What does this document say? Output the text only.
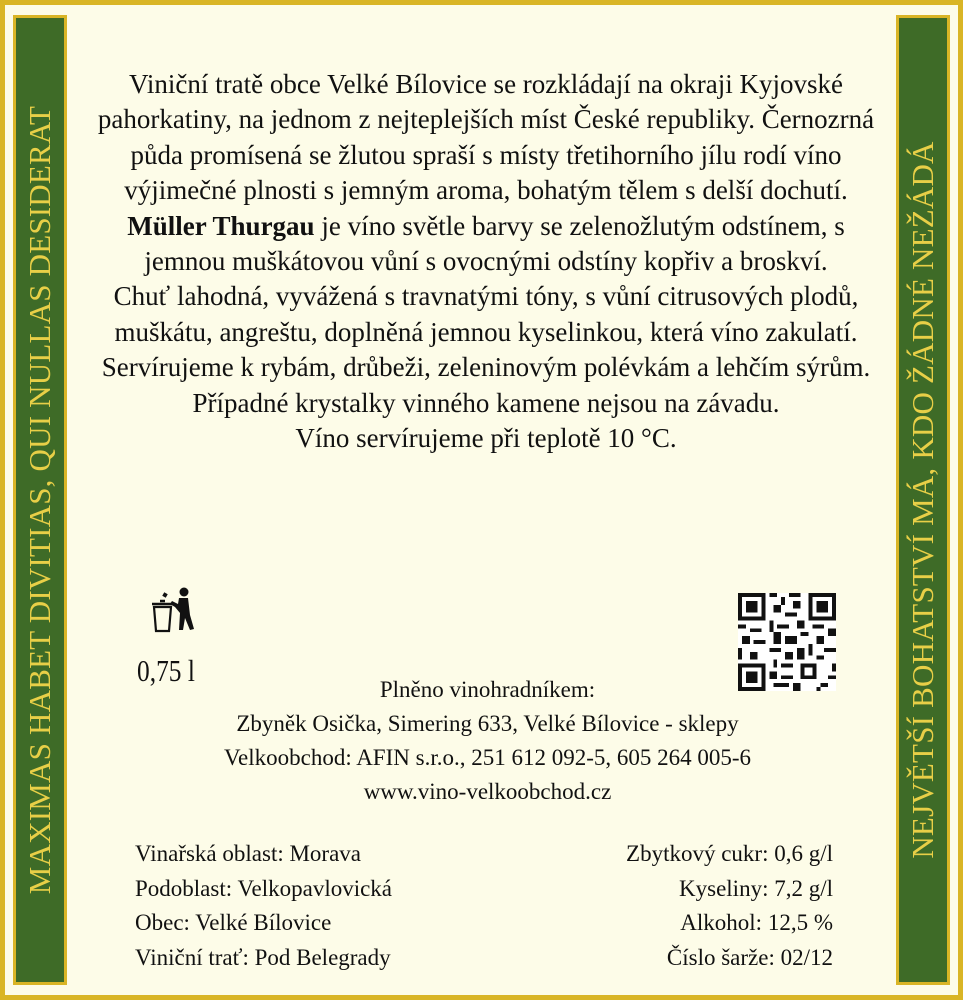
MAXIMAS HABET DIVITIAS, QUI NULLAS DESIDERAT	NEJVĚTŠÍ BOHATSTVÍ MÁ, KDO ŽÁDNÉ NEŽÁDÁ

Viniční tratě obce Velké Bílovice se rozkládají na okraji Kyjovské pahorkatiny, na jednom z nejteplejších míst České republiky. Černozrná půda promísená se žlutou spraší s místy třetihorního jílu rodí víno výjimečné plnosti s jemným aroma, bohatým tělem s delší dochutí. Müller Thurgau je víno světle barvy se zelenožlutým odstínem, s jemnou muškátovou vůní s ovocnými odstíny kopřiv a broskví.

Chuť lahodná, vyvážená s travnatými tóny, s vůní citrusových plodů, muškátu, angreštu, doplněná jemnou kyselinkou, která víno zakulatí. Servírujeme k rybám, drůbeži, zeleninovým polévkám a lehčím sýrům.

Případné krystalky vinného kamene nejsou na závadu.

Víno servírujeme při teplotě 10 °C.

0,75 l
Plněno vinohradníkem:
Zbyněk Osička, Simering 633, Velké Bílovice - sklepy
Velkoobchod: AFIN s.r.o., 251 612 092-5, 605 264 005-6
www.vino-velkoobchod.cz
Vinařská oblast: Morava
Podoblast: Velkopavlovická
Obec: Velké Bílovice
Viniční trať: Pod Belegrady
Zbytkový cukr: 0,6 g/l
Kyseliny: 7,2 g/l
Alkohol: 12,5 %
Číslo šarže: 02/12
